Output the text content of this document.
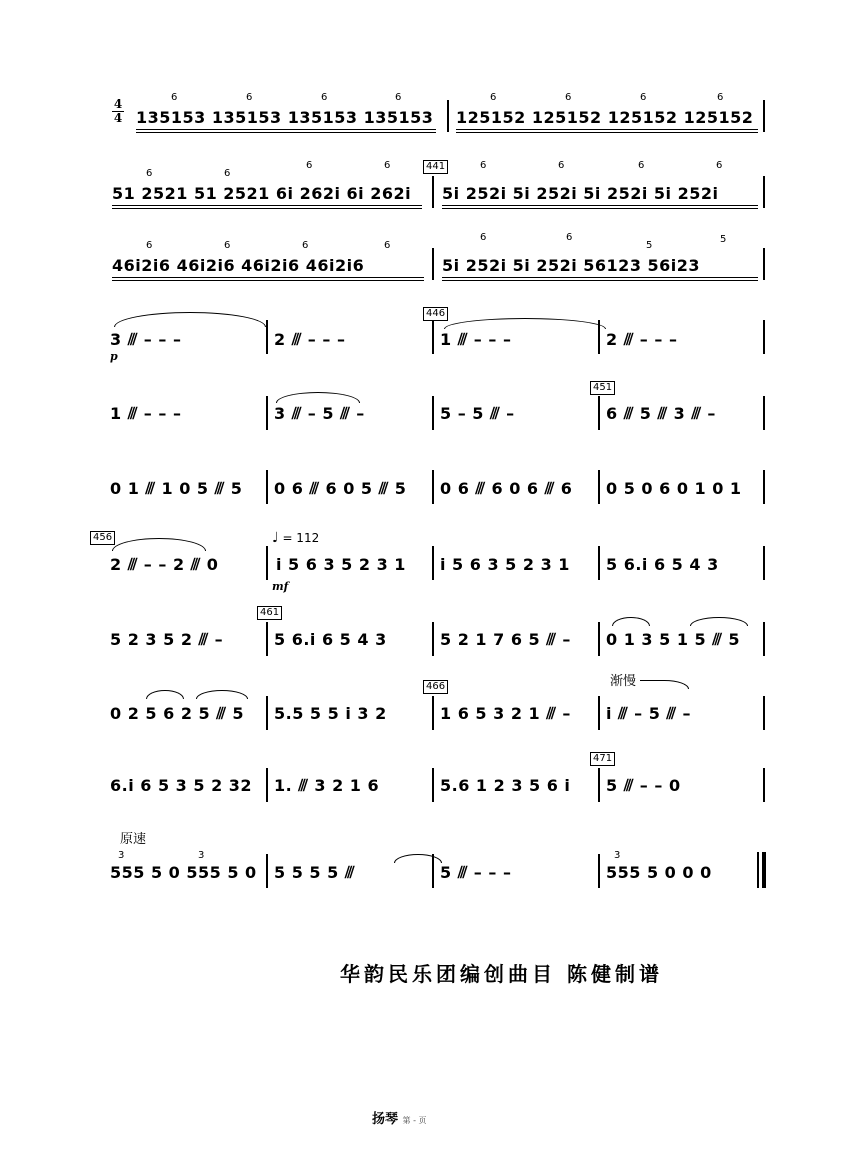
4
4 135153 135153 135153 135153 125152 125152 125152 125152
6	6	6	6	6	6	6	6
51 2521 51 2521 6i 262i 6i 262i
441
5i 252i 5i 252i 5i 252i 5i 252i
6	6
6	6	6	6	6	6
46i2i6 46i2i6 46i2i6 46i2i6	5i 252i 5i 252i 56123 56i23
6	6	6	6
6	6
5
5
3 ⫻ – – –	2 ⫻ – – –
446
1 ⫻ – – –	2 ⫻ – – –
p
1 ⫻ – – –	3 ⫻ – 5 ⫻ –	5 – 5 ⫻ –
451
6 ⫻ 5 ⫻ 3 ⫻ –
0 1 ⫻ 1 0 5 ⫻ 5 0 6 ⫻ 6 0 5 ⫻ 5 0 6 ⫻ 6 0 6 ⫻ 6 0 5 0 6 0 1 0 1
456
2 ⫻ – – 2 ⫻ 0
♩ = 112
i 5 6 3 5 2 3 1
mf
i 5 6 3 5 2 3 1 5 6.i 6 5 4 3
5 2 3 5 2 ⫻ –
461
5 6.i 6 5 4 3	5 2 1 7 6 5 ⫻ – 0 1 3 5 1 5 ⫻ 5
0 2 5 6 2 5 ⫻ 5 5.5 5 5 i 3 2
466
1 6 5 3 2 1 ⫻ –
渐慢
i ⫻ – 5 ⫻ –
6.i 6 5 3 5 2 32 1. ⫻ 3 2 1 6	5.6 1 2 3 5 6 i
471
5 ⫻ – – 0
原速
3	3	3
555 5 0 555 5 0 5 5 5 5 ⫻	5 ⫻ – – –	555 5 0 0 0
华韵民乐团编创曲目 陈健制谱
扬琴 第 - 页
